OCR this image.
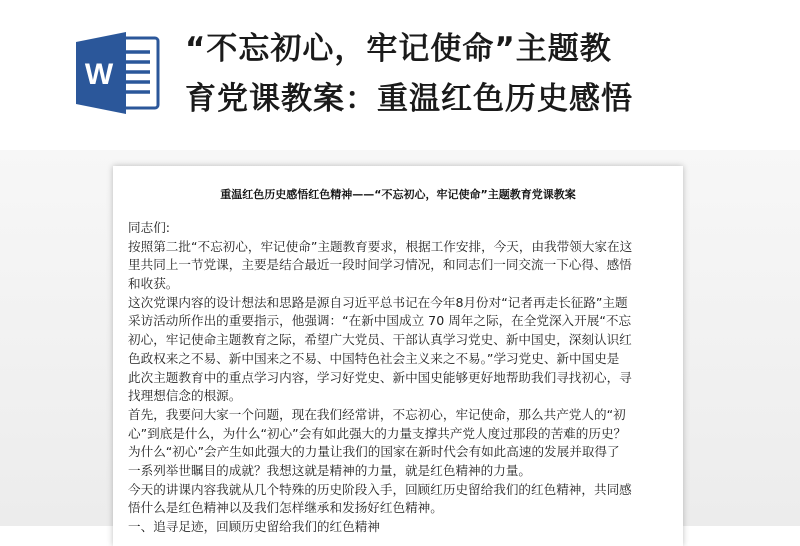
W
“不忘初心，牢记使命”主题教
育党课教案：重温红色历史感悟
重温红色历史感悟红色精神——“不忘初心，牢记使命”主题教育党课教案
同志们:
按照第二批“不忘初心，牢记使命”主题教育要求，根据工作安排，今天，由我带领大家在这
里共同上一节党课，主要是结合最近一段时间学习情况，和同志们一同交流一下心得、感悟
和收获。
这次党课内容的设计想法和思路是源自习近平总书记在今年8月份对“记者再走长征路”主题
采访活动所作出的重要指示，他强调：“在新中国成立 70 周年之际，在全党深入开展“不忘
初心，牢记使命主题教育之际，希望广大党员、干部认真学习党史、新中国史，深刻认识红
色政权来之不易、新中国来之不易、中国特色社会主义来之不易。”学习党史、新中国史是
此次主题教育中的重点学习内容，学习好党史、新中国史能够更好地帮助我们寻找初心，寻
找理想信念的根源。
首先，我要问大家一个问题，现在我们经常讲，不忘初心，牢记使命，那么共产党人的“初
心”到底是什么，为什么“初心”会有如此强大的力量支撑共产党人度过那段的苦难的历史？
为什么“初心”会产生如此强大的力量让我们的国家在新时代会有如此高速的发展并取得了
一系列举世瞩目的成就？我想这就是精神的力量，就是红色精神的力量。
今天的讲课内容我就从几个特殊的历史阶段入手，回顾红历史留给我们的红色精神，共同感
悟什么是红色精神以及我们怎样继承和发扬好红色精神。
一、追寻足迹，回顾历史留给我们的红色精神
